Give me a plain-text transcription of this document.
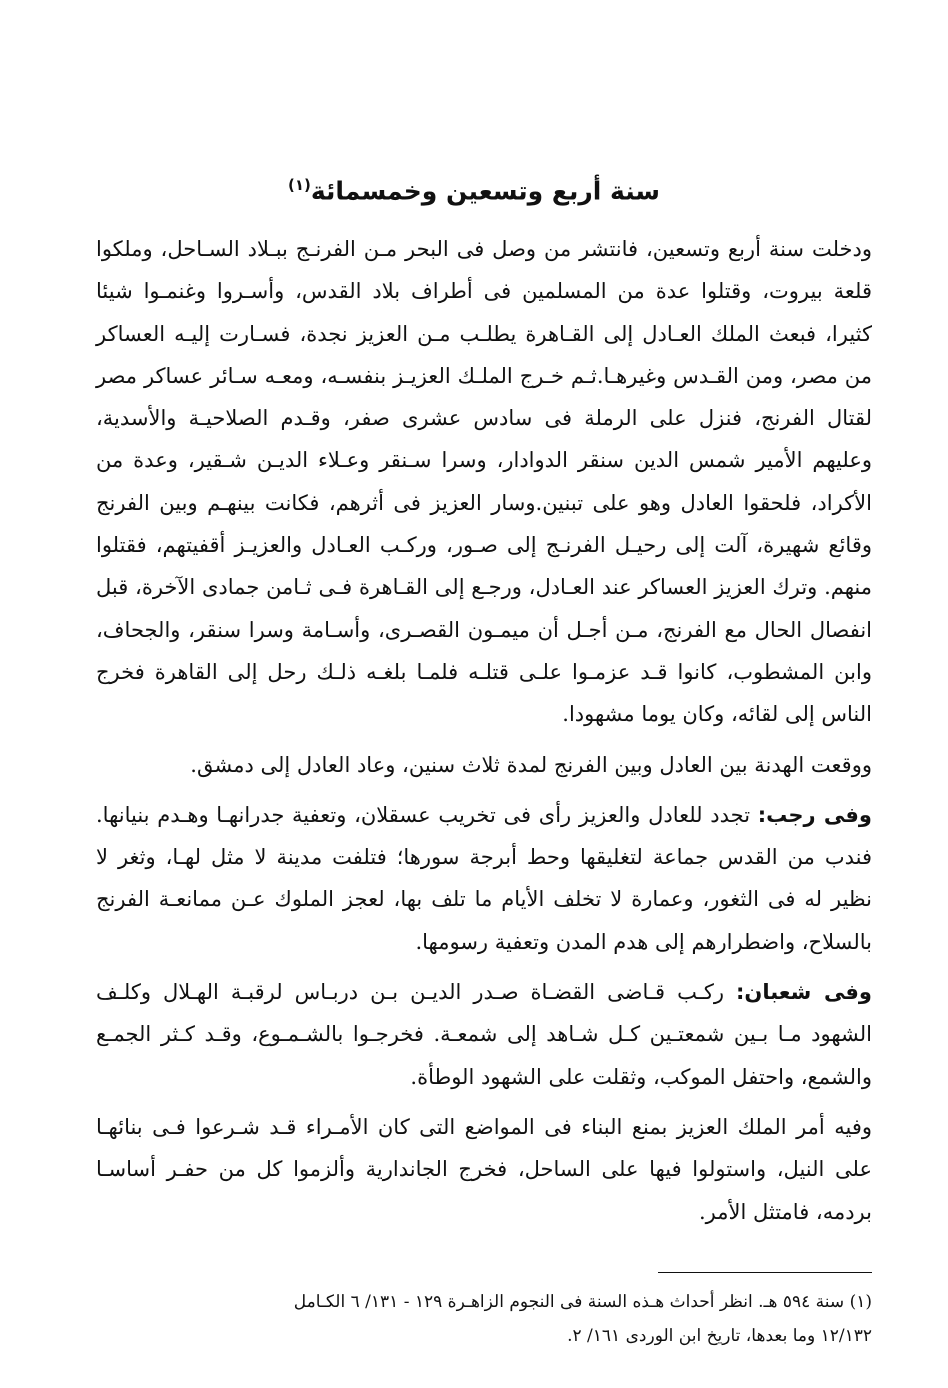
سنة أربع وتسعين وخمسمائة$^{(١)}$

ودخلت سنة أربع وتسعين، فانتشر من وصل فى البحر مـن الفرنـج ببـلاد السـاحل، وملكوا قلعة بيروت، وقتلوا عدة من المسلمين فى أطراف بلاد القدس، وأسـروا وغنمـوا شيئا كثيرا، فبعث الملك العـادل إلى القـاهرة يطلـب مـن العزيز نجدة، فسـارت إليـه العساكر من مصر، ومن القـدس وغيرهـا.ثـم خـرج الملـك العزيـز بنفسـه، ومعـه سـائر عساكر مصر لقتال الفرنج، فنزل على الرملة فى سادس عشرى صفر، وقـدم الصلاحيـة والأسدية، وعليهم الأمير شمس الدين سنقر الدوادار، وسرا سـنقر وعـلاء الديـن شـقير، وعدة من الأكراد، فلحقوا العادل وهو على تبنين.وسار العزيز فى أثرهم، فكانت بينهـم وبين الفرنج وقائع شهيرة، آلت إلى رحيـل الفرنـج إلى صـور، وركـب العـادل والعزيـز أقفيتهم، فقتلوا منهم. وترك العزيز العساكر عند العـادل، ورجـع إلى القـاهرة فـى ثـامن جمادى الآخرة، قبل انفصال الحال مع الفرنج، مـن أجـل أن ميمـون القصـرى، وأسـامة وسرا سنقر، والجحاف، وابن المشطوب، كانوا قـد عزمـوا علـى قتلـه فلمـا بلغـه ذلـك رحل إلى القاهرة فخرج الناس إلى لقائه، وكان يوما مشهودا.

ووقعت الهدنة بين العادل وبين الفرنج لمدة ثلاث سنين، وعاد العادل إلى دمشق.

وفى رجب: تجدد للعادل والعزيز رأى فى تخريب عسقلان، وتعفية جدرانهـا وهـدم بنيانها. فندب من القدس جماعة لتغليقها وحط أبرجة سورها؛ فتلفت مدينة لا مثل لهـا، وثغر لا نظير له فى الثغور، وعمارة لا تخلف الأيام ما تلف بها، لعجز الملوك عـن ممانعـة الفرنج بالسلاح، واضطرارهم إلى هدم المدن وتعفية رسومها.

وفى شعبان: ركـب قـاضى القضـاة صـدر الديـن بـن دربـاس لرقبـة الهـلال وكلـف الشهود مـا بـين شمعتـين كـل شـاهد إلى شمعـة. فخرجـوا بالشـمـوع، وقـد كـثر الجمـع والشمع، واحتفل الموكب، وثقلت على الشهود الوطأة.

وفيه أمر الملك العزيز بمنع البناء فى المواضع التى كان الأمـراء قـد شـرعوا فـى بنائهـا على النيل، واستولوا فيها على الساحل، فخرج الجاندارية وألزموا كل من حفـر أساسـا بردمه، فامتثل الأمر.

(١) سنة ٥٩٤ هـ. انظر أحداث هـذه السنة فى النجوم الزاهـرة ١٢٩ - ١٣١/ ٦ الكـامل

١٢/١٣٢ وما بعدها، تاريخ ابن الوردى ١٦١/ ٢.
